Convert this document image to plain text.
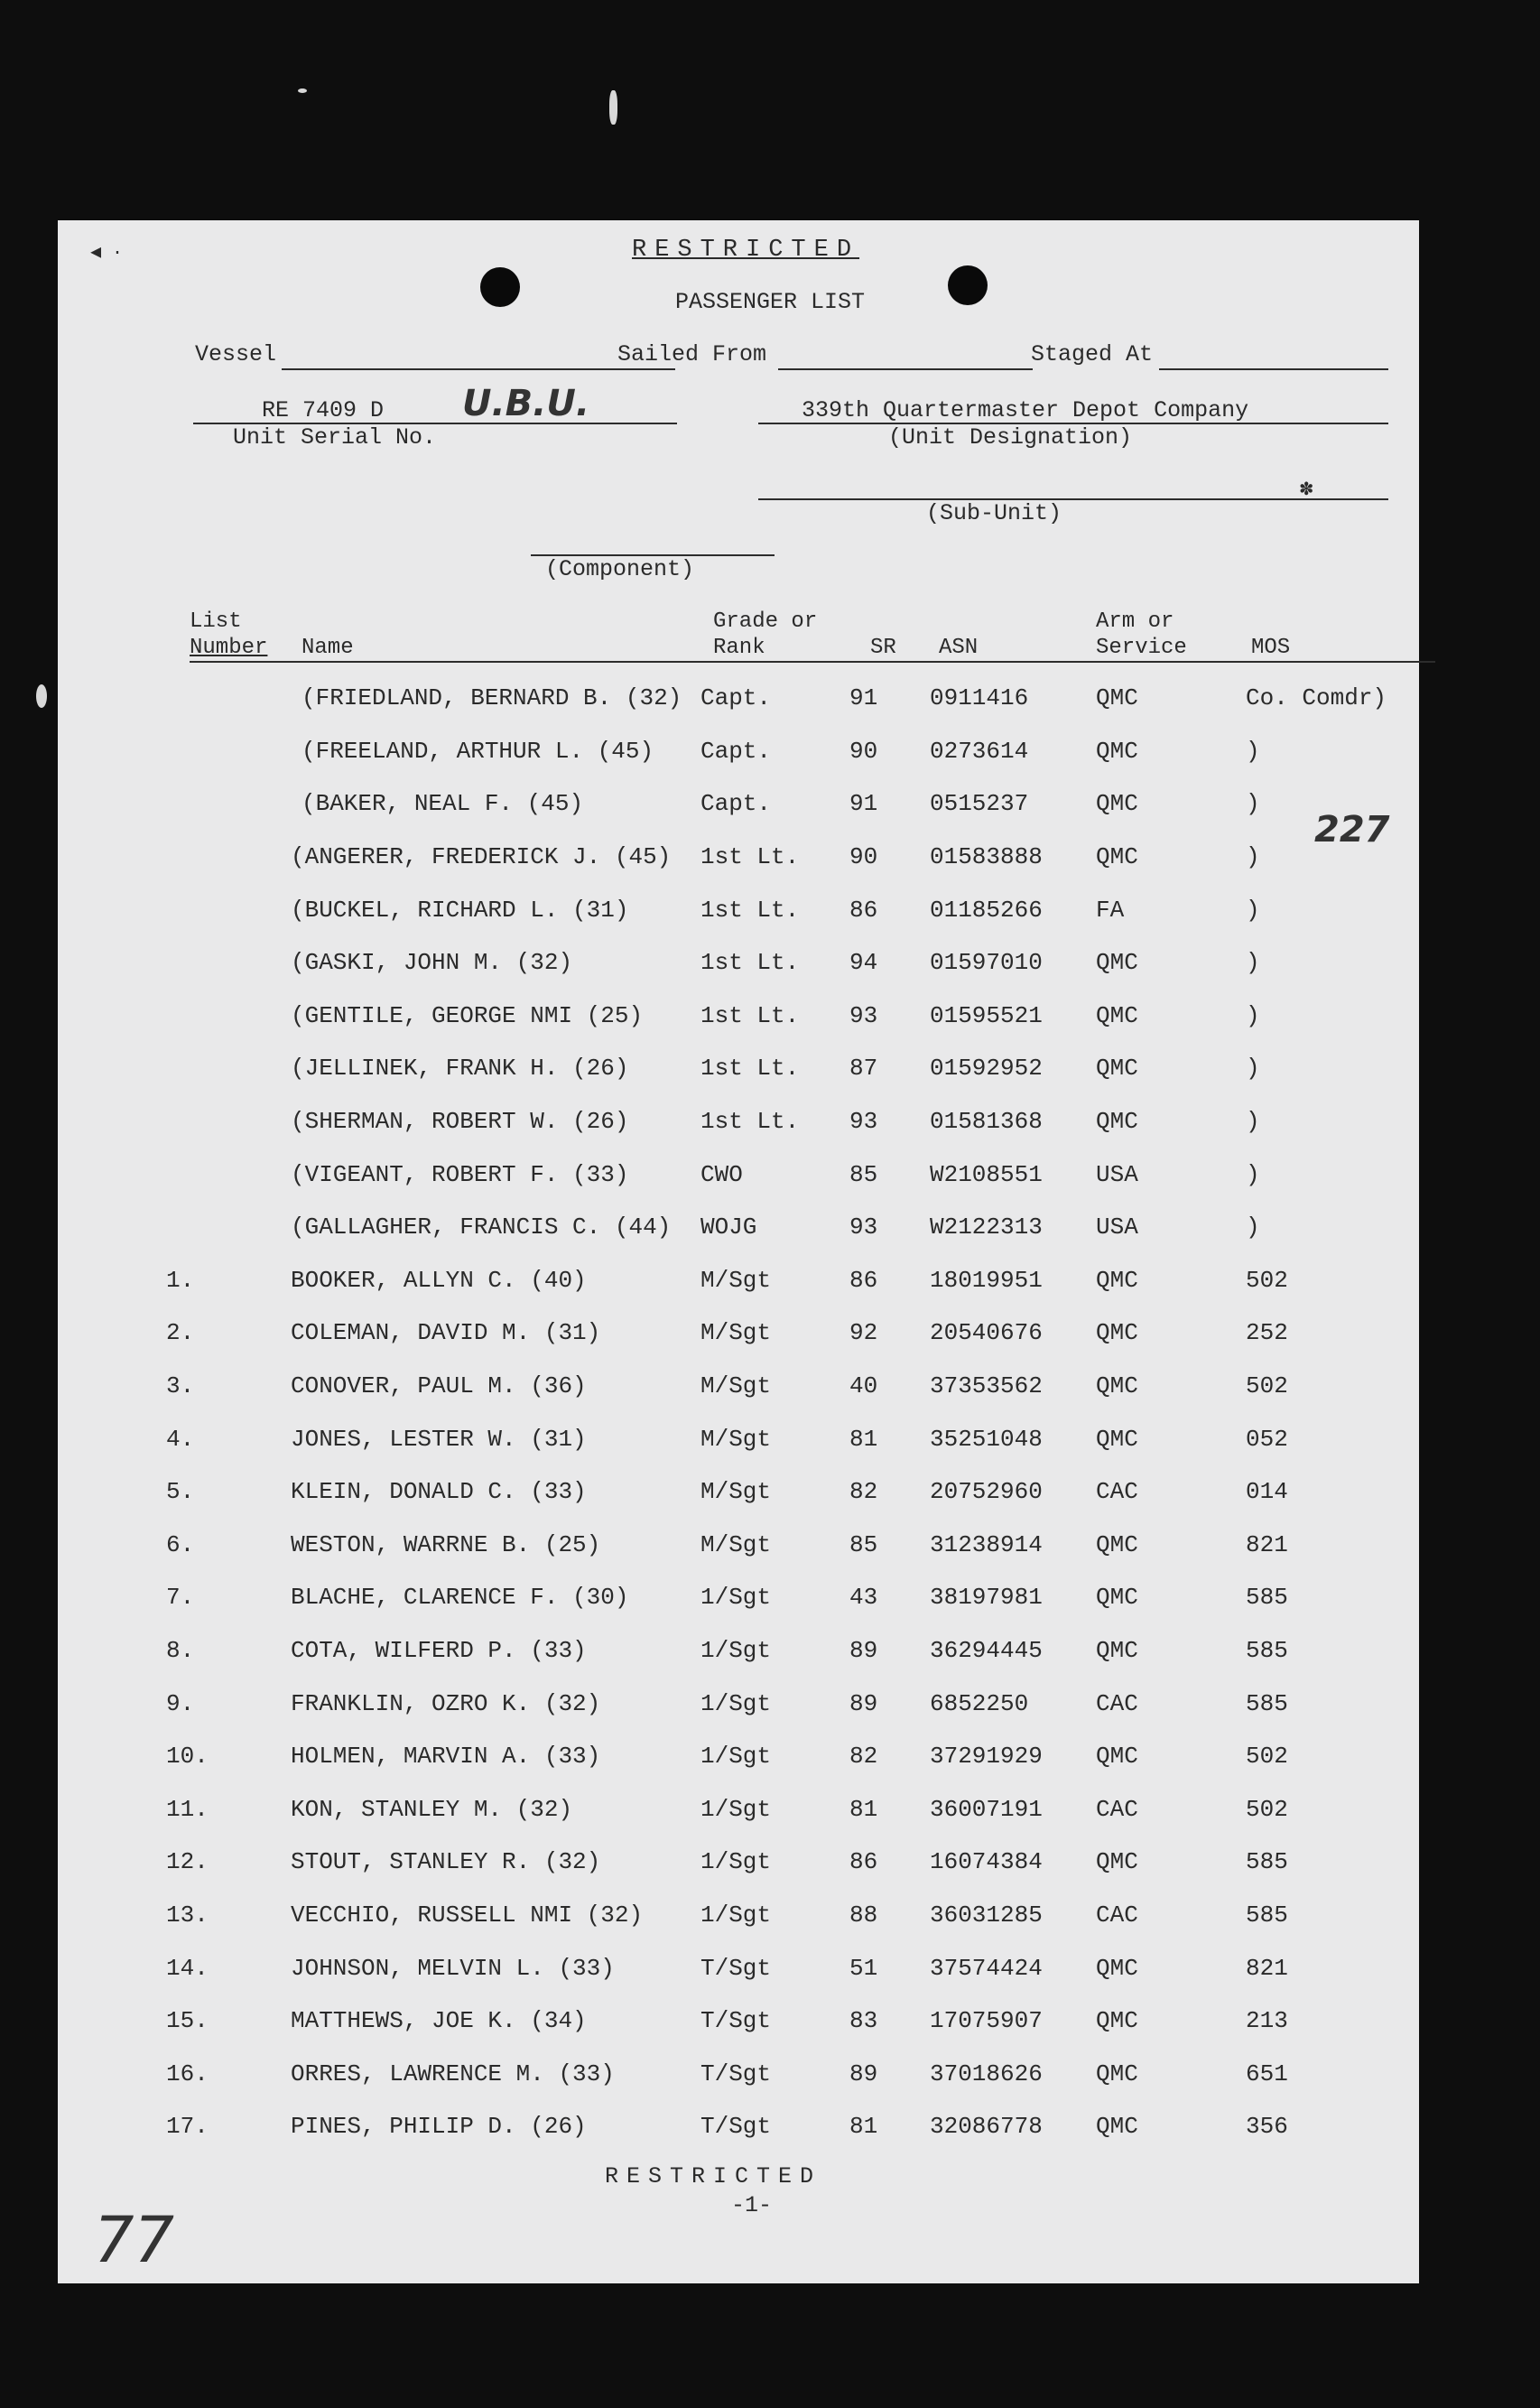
◀ ·	RESTRICTED
PASSENGER LIST
Vessel	Sailed From	Staged At
RE 7409 D U.B.U.
Unit Serial No.
339th Quartermaster Depot Company
(Unit Designation)
✽
(Sub-Unit)
(Component)
List
Number Name
Grade or
Rank	SR ASN
Arm or
Service	MOS
(FRIEDLAND, BERNARD B. (32) Capt.	91 0911416	QMC	Co. Comdr)
(FREELAND, ARTHUR L. (45) Capt.	90 0273614	QMC	)
(BAKER, NEAL F. (45)	Capt.	91 0515237	QMC	)
(ANGERER, FREDERICK J. (45) 1st Lt. 90 01583888 QMC	)
(BUCKEL, RICHARD L. (31)	1st Lt. 86 01185266 FA	)
(GASKI, JOHN M. (32)	1st Lt. 94 01597010 QMC	)
(GENTILE, GEORGE NMI (25) 1st Lt. 93 01595521 QMC	)
(JELLINEK, FRANK H. (26)	1st Lt. 87 01592952 QMC	)
(SHERMAN, ROBERT W. (26)	1st Lt. 93 01581368 QMC	)
(VIGEANT, ROBERT F. (33)	CWO	85 W2108551 USA	)
(GALLAGHER, FRANCIS C. (44) WOJG	93 W2122313 USA	)
1.	BOOKER, ALLYN C. (40)	M/Sgt	86 18019951 QMC	502
2.	COLEMAN, DAVID M. (31)	M/Sgt	92 20540676 QMC	252
3.	CONOVER, PAUL M. (36)	M/Sgt	40 37353562 QMC	502
4.	JONES, LESTER W. (31)	M/Sgt	81 35251048 QMC	052
5.	KLEIN, DONALD C. (33)	M/Sgt	82 20752960 CAC	014
6.	WESTON, WARRNE B. (25)	M/Sgt	85 31238914 QMC	821
7.	BLACHE, CLARENCE F. (30)	1/Sgt	43 38197981 QMC	585
8.	COTA, WILFERD P. (33)	1/Sgt	89 36294445 QMC	585
9.	FRANKLIN, OZRO K. (32)	1/Sgt	89 6852250	CAC	585
10.	HOLMEN, MARVIN A. (33)	1/Sgt	82 37291929 QMC	502
11.	KON, STANLEY M. (32)	1/Sgt	81 36007191 CAC	502
12.	STOUT, STANLEY R. (32)	1/Sgt	86 16074384 QMC	585
13.	VECCHIO, RUSSELL NMI (32) 1/Sgt	88 36031285 CAC	585
14.	JOHNSON, MELVIN L. (33)	T/Sgt	51 37574424 QMC	821
15.	MATTHEWS, JOE K. (34)	T/Sgt	83 17075907 QMC	213
16.	ORRES, LAWRENCE M. (33)	T/Sgt	89 37018626 QMC	651
17.	PINES, PHILIP D. (26)	T/Sgt	81 32086778 QMC	356
227
RESTRICTED
-1-
77
